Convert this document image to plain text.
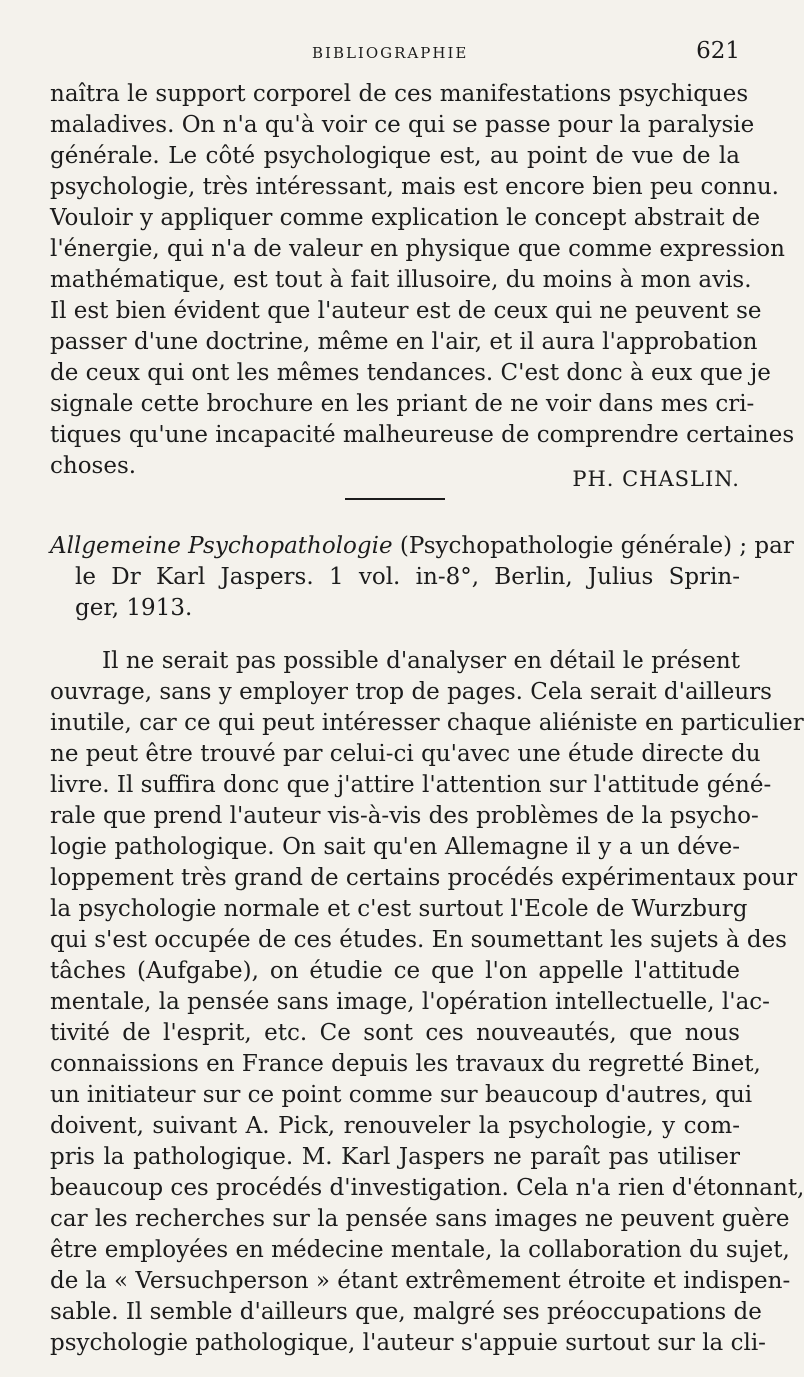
BIBLIOGRAPHIE	621
naîtra le support corporel de ces manifestations psychiques
maladives. On n'a qu'à voir ce qui se passe pour la paralysie
générale. Le côté psychologique est, au point de vue de la
psychologie, très intéressant, mais est encore bien peu connu.
Vouloir y appliquer comme explication le concept abstrait de
l'énergie, qui n'a de valeur en physique que comme expression
mathématique, est tout à fait illusoire, du moins à mon avis.
Il est bien évident que l'auteur est de ceux qui ne peuvent se
passer d'une doctrine, même en l'air, et il aura l'approbation
de ceux qui ont les mêmes tendances. C'est donc à eux que je
signale cette brochure en les priant de ne voir dans mes cri-
tiques qu'une incapacité malheureuse de comprendre certaines
choses.	PH. CHASLIN.
Allgemeine Psychopathologie (Psychopathologie générale) ; par
le Dr Karl Jaspers. 1 vol. in-8°, Berlin, Julius Sprin-
ger, 1913.
Il ne serait pas possible d'analyser en détail le présent
ouvrage, sans y employer trop de pages. Cela serait d'ailleurs
inutile, car ce qui peut intéresser chaque aliéniste en particulier
ne peut être trouvé par celui-ci qu'avec une étude directe du
livre. Il suffira donc que j'attire l'attention sur l'attitude géné-
rale que prend l'auteur vis-à-vis des problèmes de la psycho-
logie pathologique. On sait qu'en Allemagne il y a un déve-
loppement très grand de certains procédés expérimentaux pour
la psychologie normale et c'est surtout l'Ecole de Wurzburg
qui s'est occupée de ces études. En soumettant les sujets à des
tâches (Aufgabe), on étudie ce que l'on appelle l'attitude
mentale, la pensée sans image, l'opération intellectuelle, l'ac-
tivité de l'esprit, etc. Ce sont ces nouveautés, que nous
connaissions en France depuis les travaux du regretté Binet,
un initiateur sur ce point comme sur beaucoup d'autres, qui
doivent, suivant A. Pick, renouveler la psychologie, y com-
pris la pathologique. M. Karl Jaspers ne paraît pas utiliser
beaucoup ces procédés d'investigation. Cela n'a rien d'étonnant,
car les recherches sur la pensée sans images ne peuvent guère
être employées en médecine mentale, la collaboration du sujet,
de la « Versuchperson » étant extrêmement étroite et indispen-
sable. Il semble d'ailleurs que, malgré ses préoccupations de
psychologie pathologique, l'auteur s'appuie surtout sur la cli-
